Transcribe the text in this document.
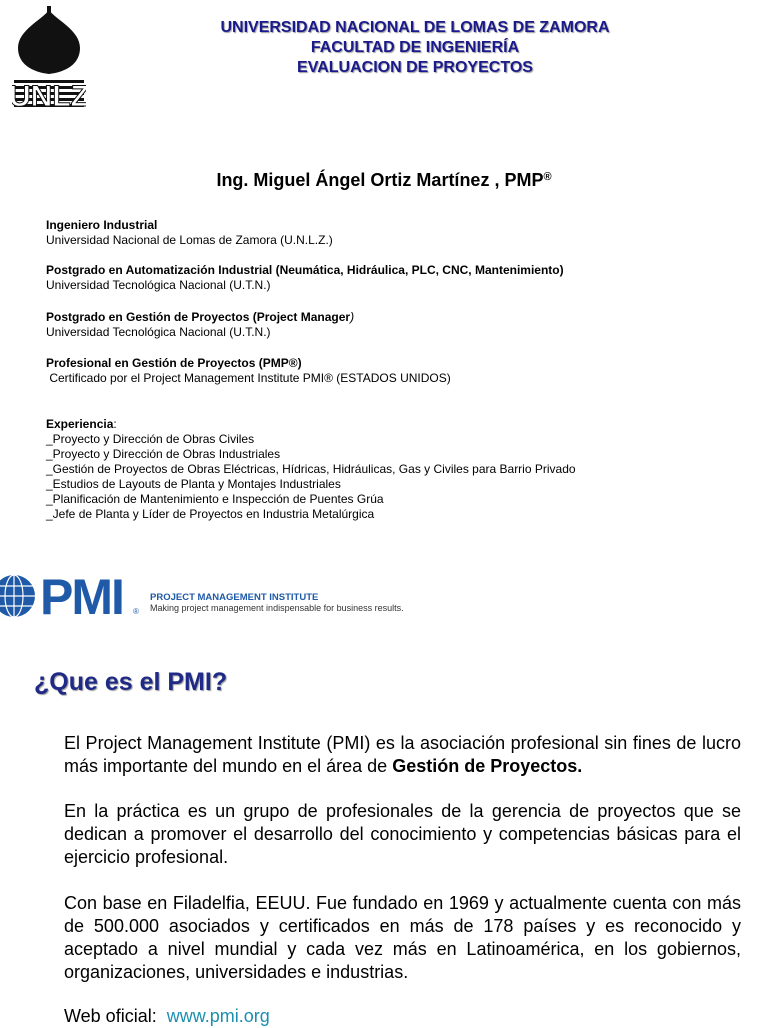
UNLZ
UNIVERSIDAD NACIONAL DE LOMAS DE ZAMORA
FACULTAD DE INGENIERÍA
EVALUACION DE PROYECTOS
Ing. Miguel Ángel Ortiz Martínez , PMP®
Ingeniero Industrial
Universidad Nacional de Lomas de Zamora (U.N.L.Z.)
Postgrado en Automatización Industrial (Neumática, Hidráulica, PLC, CNC, Mantenimiento)
Universidad Tecnológica Nacional (U.T.N.)
Postgrado en Gestión de Proyectos (Project Manager)
Universidad Tecnológica Nacional (U.T.N.)
Profesional en Gestión de Proyectos (PMP®)
Certificado por el Project Management Institute PMI® (ESTADOS UNIDOS)
Experiencia:
_Proyecto y Dirección de Obras Civiles
_Proyecto y Dirección de Obras Industriales
_Gestión de Proyectos de Obras Eléctricas, Hídricas, Hidráulicas, Gas y Civiles para Barrio Privado
_Estudios de Layouts de Planta y Montajes Industriales
_Planificación de Mantenimiento e Inspección de Puentes Grúa
_Jefe de Planta y Líder de Proyectos en Industria Metalúrgica
PMI ®
PROJECT MANAGEMENT INSTITUTE
Making project management indispensable for business results.
¿Que es el PMI?
El Project Management Institute (PMI) es la asociación profesional sin fines de lucro más importante del mundo en el área de Gestión de Proyectos.
En la práctica es un grupo de profesionales de la gerencia de proyectos que se dedican a promover el desarrollo del conocimiento y competencias básicas para el ejercicio profesional.
Con base en Filadelfia, EEUU. Fue fundado en 1969 y actualmente cuenta con más de 500.000 asociados y certificados en más de 178 países y es reconocido y aceptado a nivel mundial y cada vez más en Latinoamérica, en los gobiernos, organizaciones, universidades e industrias.
Web oficial: www.pmi.org
